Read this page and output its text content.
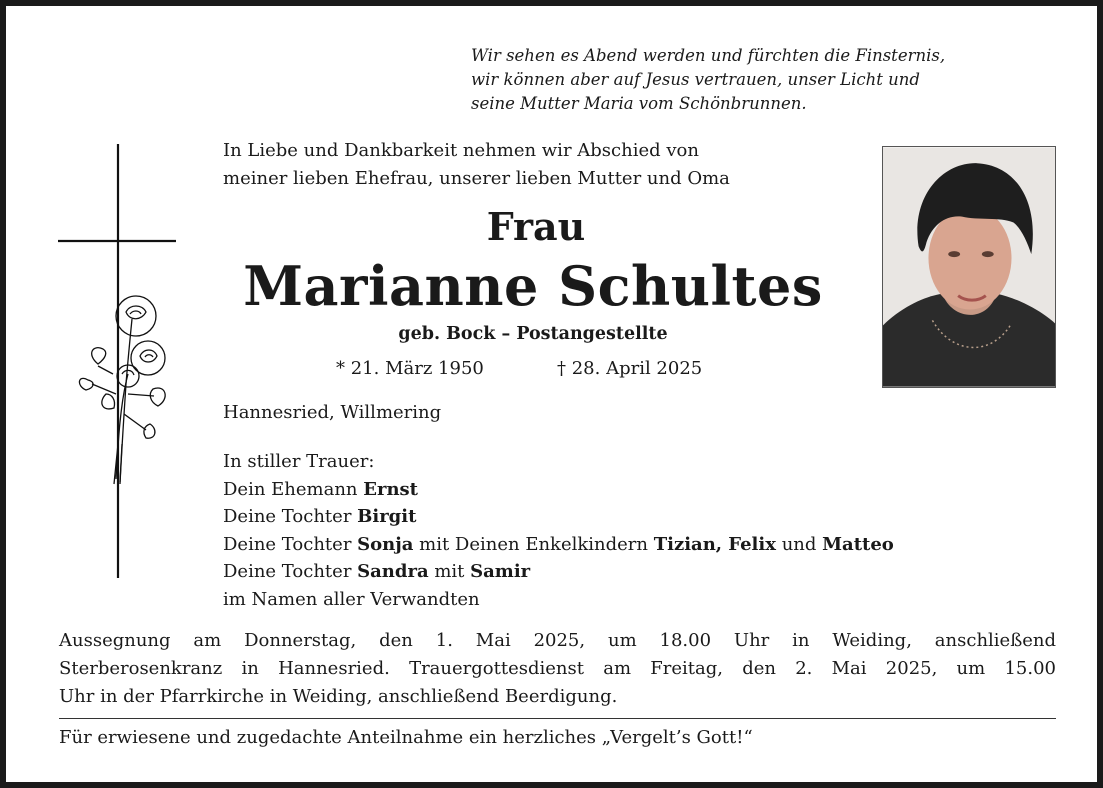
Wir sehen es Abend werden und fürchten die Finsternis,
wir können aber auf Jesus vertrauen, unser Licht und
seine Mutter Maria vom Schönbrunnen.
In Liebe und Dankbarkeit nehmen wir Abschied von
meiner lieben Ehefrau, unserer lieben Mutter und Oma
Frau
Marianne Schultes
geb. Bock – Postangestellte
* 21. März 1950	† 28. April 2025
Hannesried, Willmering
In stiller Trauer:
Dein Ehemann Ernst
Deine Tochter Birgit
Deine Tochter Sonja mit Deinen Enkelkindern Tizian, Felix und Matteo
Deine Tochter Sandra mit Samir
im Namen aller Verwandten
Aussegnung am Donnerstag, den 1. Mai 2025, um 18.00 Uhr in Weiding, anschließend
Sterberosenkranz in Hannesried. Trauergottesdienst am Freitag, den 2. Mai 2025, um 15.00
Uhr in der Pfarrkirche in Weiding, anschließend Beerdigung.
Für erwiesene und zugedachte Anteilnahme ein herzliches „Vergelt’s Gott!“
